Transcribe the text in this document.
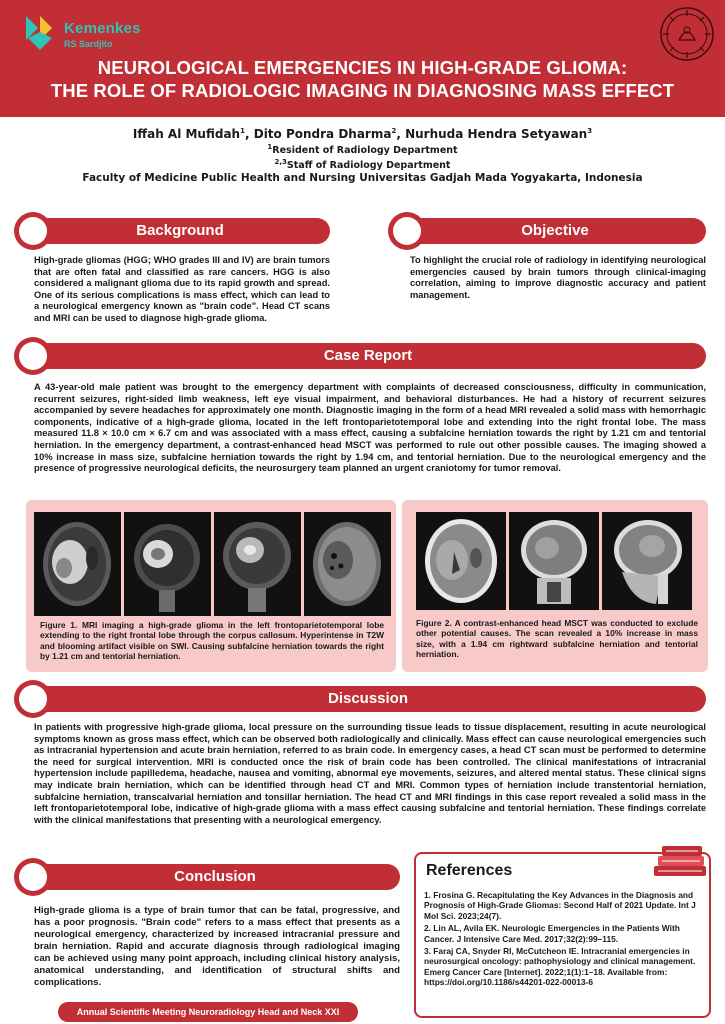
Kemenkes
RS Sardjito
NEUROLOGICAL EMERGENCIES IN HIGH-GRADE GLIOMA:
THE ROLE OF RADIOLOGIC IMAGING IN DIAGNOSING MASS EFFECT
Iffah Al Mufidah$^1$, Dito Pondra Dharma$^2$, Nurhuda Hendra Setyawan$^3$
$^1$Resident of Radiology Department
$^{2,3}$Staff of Radiology Department
Faculty of Medicine Public Health and Nursing Universitas Gadjah Mada Yogyakarta, Indonesia
Background
High-grade gliomas (HGG; WHO grades III and IV) are brain tumors that are often fatal and classified as rare cancers. HGG is also considered a malignant glioma due to its rapid growth and spread. One of its serious complications is mass effect, which can lead to a neurological emergency known as "brain code". Head CT scans and MRI can be used to diagnose high-grade glioma.
Objective
To highlight the crucial role of radiology in identifying neurological emergencies caused by brain tumors through clinical-imaging correlation, aiming to improve diagnostic accuracy and patient management.
Case Report
A 43-year-old male patient was brought to the emergency department with complaints of decreased consciousness, difficulty in communication, recurrent seizures, right-sided limb weakness, left eye visual impairment, and behavioral disturbances. He had a history of recurrent seizures accompanied by severe headaches for approximately one month. Diagnostic imaging in the form of a head MRI revealed a solid mass with hemorrhagic components, indicative of a high-grade glioma, located in the left frontoparietotemporal lobe and extending into the right frontal lobe. The mass measured 11.8 × 10.0 cm × 6.7 cm and was associated with a mass effect, causing a subfalcine herniation towards the right by 1.21 cm and tentorial herniation. In the emergency department, a contrast-enhanced head MSCT was performed to rule out other possible causes. The imaging showed a 10% increase in mass size, subfalcine herniation towards the right by 1.94 cm, and tentorial herniation. Due to the neurological emergency and the presence of progressive neurological deficits, the neurosurgery team planned an urgent craniotomy for tumor removal.
Figure 1. MRI imaging a high-grade glioma in the left frontoparietotemporal lobe extending to the right frontal lobe through the corpus callosum. Hyperintense in T2W and blooming artifact visible on SWI. Causing subfalcine herniation towards the right by 1.21 cm and tentorial herniation.
Figure 2. A contrast-enhanced head MSCT was conducted to exclude other potential causes. The scan revealed a 10% increase in mass size, with a 1.94 cm rightward subfalcine herniation and tentorial herniation.
Discussion
In patients with progressive high-grade glioma, local pressure on the surrounding tissue leads to tissue displacement, resulting in acute neurological symptoms known as gross mass effect, which can be observed both radiologically and clinically. Mass effect can cause neurological emergencies such as intracranial hypertension and acute brain herniation, referred to as brain code. In emergency cases, a head CT scan must be performed to determine the need for surgical intervention. MRI is conducted once the risk of brain code has been controlled. The clinical manifestations of intracranial hypertension include papilledema, headache, nausea and vomiting, abnormal eye movements, seizures, and altered mental status. These clinical signs may indicate brain herniation, which can be identified through head CT and MRI. Common types of herniation include transtentorial herniation, subfalcine herniation, transcalvarial herniation and tonsillar herniation. The head CT and MRI findings in this case report revealed a solid mass in the left frontoparietotemporal lobe, indicative of high-grade glioma with a mass effect causing subfalcine and tentorial herniation. These findings correlate with the clinical manifestations that presenting with a neurological emergency.
Conclusion
High-grade glioma is a type of brain tumor that can be fatal, progressive, and has a poor prognosis. "Brain code" refers to a mass effect that presents as a neurological emergency, characterized by increased intracranial pressure and brain herniation. Rapid and accurate diagnosis through radiological imaging can be achieved using many point approach, including clinical history analysis, anatomical understanding, and identification of structural shifts and complications.
References
1. Frosina G. Recapitulating the Key Advances in the Diagnosis and Prognosis of High-Grade Gliomas: Second Half of 2021 Update. Int J Mol Sci. 2023;24(7).
2. Lin AL, Avila EK. Neurologic Emergencies in the Patients With Cancer. J Intensive Care Med. 2017;32(2):99–115.
3. Faraj CA, Snyder RI, McCutcheon IE. Intracranial emergencies in neurosurgical oncology: pathophysiology and clinical management. Emerg Cancer Care [Internet]. 2022;1(1):1–18. Available from: https://doi.org/10.1186/s44201-022-00013-6
Annual Scientific Meeting Neuroradiology Head and Neck XXI
